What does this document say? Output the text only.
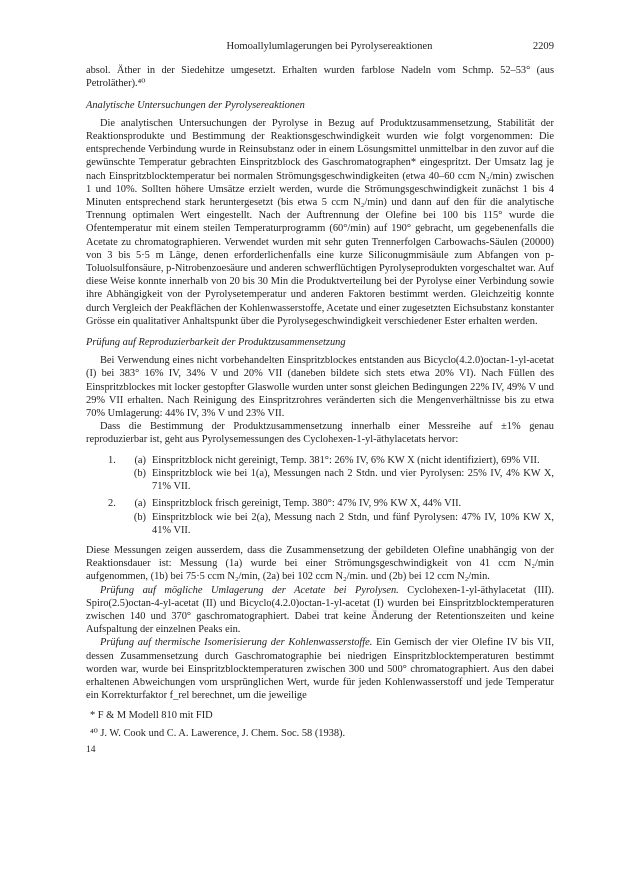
Homoallylumlagerungen bei Pyrolysereaktionen	2209

absol. Äther in der Siedehitze umgesetzt. Erhalten wurden farblose Nadeln vom Schmp. 52–53° (aus Petroläther).⁴⁰

Analytische Untersuchungen der Pyrolysereaktionen

Die analytischen Untersuchungen der Pyrolyse in Bezug auf Produktzusammensetzung, Stabilität der Reaktionsprodukte und Bestimmung der Reaktionsgeschwindigkeit wurden wie folgt vorgenommen: Die entsprechende Verbindung wurde in Reinsubstanz oder in einem Lösungsmittel unmittelbar in den zuvor auf die gewünschte Temperatur gebrachten Einspritzblock des Gaschromatographen* eingespritzt. Der Umsatz lag je nach Einspritzblocktemperatur bei normalen Strömungsgeschwindigkeiten (etwa 40–60 ccm N₂/min) zwischen 1 und 10%. Sollten höhere Umsätze erzielt werden, wurde die Strömungsgeschwindigkeit zunächst 1 bis 4 Minuten entsprechend stark heruntergesetzt (bis etwa 5 ccm N₂/min) und dann auf den für die analytische Trennung optimalen Wert eingestellt. Nach der Auftrennung der Olefine bei 100 bis 115° wurde die Ofentemperatur mit einem steilen Temperaturprogramm (60°/min) auf 190° gebracht, um gegebenenfalls die Acetate zu chromatographieren. Verwendet wurden mit sehr guten Trennerfolgen Carbowachs-Säulen (20000) von 3 bis 5·5 m Länge, denen erforderlichenfalls eine kurze Siliconugmmisäule zum Abfangen von p-Toluolsulfonsäure, p-Nitrobenzoesäure und anderen schwerflüchtigen Pyrolyseprodukten vorgeschaltet war. Auf diese Weise konnte innerhalb von 20 bis 30 Min die Produktverteilung bei der Pyrolyse einer Verbindung sowie ihre Abhängigkeit von der Pyrolysetemperatur und anderen Faktoren bestimmt werden. Gleichzeitig konnte durch Vergleich der Peakflächen der Kohlenwasserstoffe, Acetate und einer zugesetzten Eichsubstanz konstanter Grösse ein qualitativer Anhaltspunkt über die Pyrolysegeschwindigkeit verschiedener Ester erhalten werden.

Prüfung auf Reproduzierbarkeit der Produktzusammensetzung

Bei Verwendung eines nicht vorbehandelten Einspritzblockes entstanden aus Bicyclo(4.2.0)octan-1-yl-acetat (I) bei 383° 16% IV, 34% V und 20% VII (daneben bildete sich stets etwa 20% VI). Nach Füllen des Einspritzblockes mit locker gestopfter Glaswolle wurden unter sonst gleichen Bedingungen 22% IV, 49% V und 29% VII erhalten. Nach Reinigung des Einspritzrohres veränderten sich die Mengenverhältnisse bis zu etwa 70% Umlagerung: 44% IV, 3% V und 23% VII.

Dass die Bestimmung der Produktzusammensetzung innerhalb einer Messreihe auf ±1% genau reproduzierbar ist, geht aus Pyrolysemessungen des Cyclohexen-1-yl-äthylacetats hervor:

1.	(a) Einspritzblock nicht gereinigt, Temp. 381°: 26% IV, 6% KW X (nicht identifiziert), 69% VII.
(b) Einspritzblock wie bei 1(a), Messungen nach 2 Stdn. und vier Pyrolysen: 25% IV, 4% KW X, 71% VII.
2.	(a) Einspritzblock frisch gereinigt, Temp. 380°: 47% IV, 9% KW X, 44% VII.
(b) Einspritzblock wie bei 2(a), Messung nach 2 Stdn, und fünf Pyrolysen: 47% IV, 10% KW X, 41% VII.

Diese Messungen zeigen ausserdem, dass die Zusammensetzung der gebildeten Olefine unabhängig von der Reaktionsdauer ist: Messung (1a) wurde bei einer Strömungsgeschwindigkeit von 41 ccm N₂/min aufgenommen, (1b) bei 75·5 ccm N₂/min, (2a) bei 102 ccm N₂/min. und (2b) bei 12 ccm N₂/min.

Prüfung auf mögliche Umlagerung der Acetate bei Pyrolysen. Cyclohexen-1-yl-äthylacetat (III). Spiro(2.5)octan-4-yl-acetat (II) und Bicyclo(4.2.0)octan-1-yl-acetat (I) wurden bei Einspritzblocktemperaturen zwischen 140 und 370° gaschromatographiert. Dabei trat keine Änderung der Retentionszeiten und keine Aufspaltung der einzelnen Peaks ein.

Prüfung auf thermische Isomerisierung der Kohlenwasserstoffe. Ein Gemisch der vier Olefine IV bis VII, dessen Zusammensetzung durch Gaschromatographie bei niedrigen Einspritzblocktemperaturen bestimmt worden war, wurde bei Einspritzblocktemperaturen zwischen 300 und 500° chromatographiert. Aus den dabei erhaltenen Abweichungen vom ursprünglichen Wert, wurde für jeden Kohlenwasserstoff und jede Temperatur ein Korrekturfaktor f_rel berechnet, um die jeweilige

* F & M Modell 810 mit FID

⁴⁰ J. W. Cook und C. A. Lawerence, J. Chem. Soc. 58 (1938).

14
